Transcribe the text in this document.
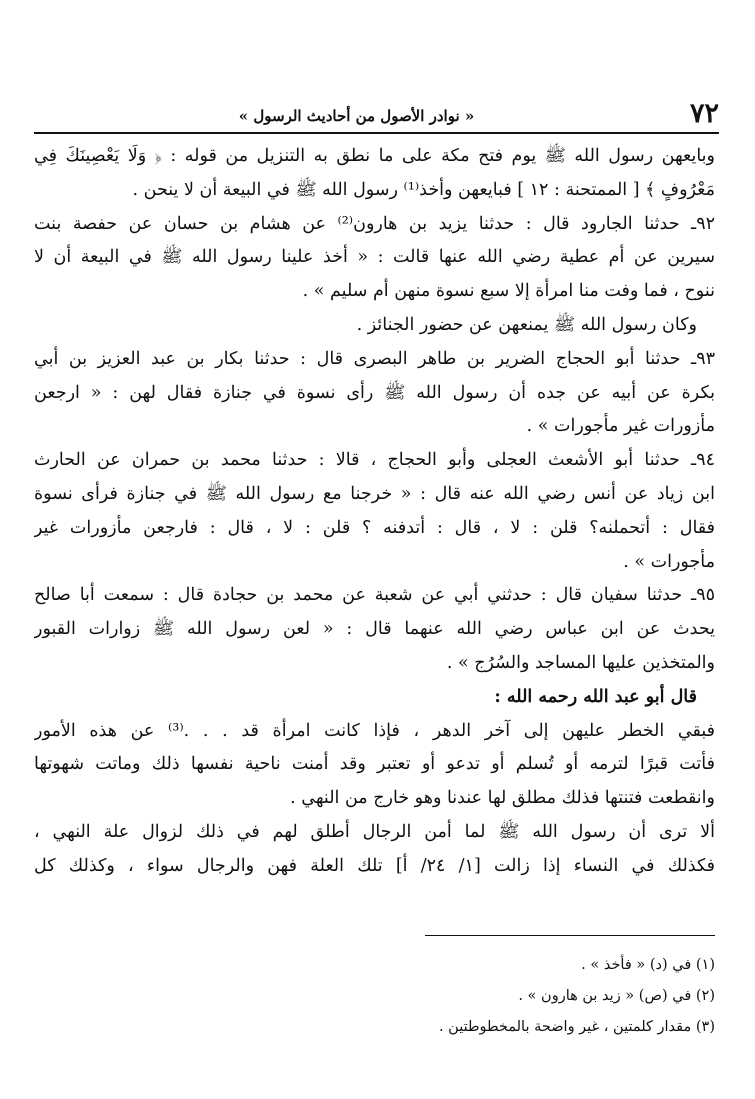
٧٢
« نوادر الأصول من أحاديث الرسول »
وبايعهن رسول الله ﷺ يوم فتح مكة على ما نطق به التنزيل من قوله : ﴿ وَلَا يَعْصِينَكَ فِي
مَعْرُوفٍ ﴾ [ الممتحنة : ١٢ ] فبايعهن وأخذ⁽¹⁾ رسول الله ﷺ في البيعة أن لا ينحن .
٩٢ـ حدثنا الجارود قال : حدثنا يزيد بن هارون⁽²⁾ عن هشام بن حسان عن حفصة بنت
سيرين عن أم عطية رضي الله عنها قالت : « أخذ علينا رسول الله ﷺ في البيعة أن لا
ننوح ، فما وفت منا امرأة إلا سبع نسوة منهن أم سليم » .
وكان رسول الله ﷺ يمنعهن عن حضور الجنائز .
٩٣ـ حدثنا أبو الحجاج الضرير بن طاهر البصرى قال : حدثنا بكار بن عبد العزيز بن أبي
بكرة عن أبيه عن جده أن رسول الله ﷺ رأى نسوة في جنازة فقال لهن : « ارجعن
مأزورات غير مأجورات » .
٩٤ـ حدثنا أبو الأشعث العجلى وأبو الحجاج ، قالا : حدثنا محمد بن حمران عن الحارث
ابن زياد عن أنس رضي الله عنه قال : « خرجنا مع رسول الله ﷺ في جنازة فرأى نسوة
فقال : أتحملنه؟ قلن : لا ، قال : أتدفنه ؟ قلن : لا ، قال : فارجعن مأزورات غير
مأجورات » .
٩٥ـ حدثنا سفيان قال : حدثني أبي عن شعبة عن محمد بن حجادة قال : سمعت أبا صالح
يحدث عن ابن عباس رضي الله عنهما قال : « لعن رسول الله ﷺ زوارات القبور
والمتخذين عليها المساجد والسُرُج » .
قال أبو عبد الله رحمه الله :
فبقي الخطر عليهن إلى آخر الدهر ، فإذا كانت امرأة قد . . .⁽³⁾ عن هذه الأمور
فأتت قبرًا لترمه أو تُسلم أو تدعو أو تعتبر وقد أمنت ناحية نفسها ذلك وماتت شهوتها
وانقطعت فتنتها فذلك مطلق لها عندنا وهو خارج من النهي .
ألا ترى أن رسول الله ﷺ لما أمن الرجال أطلق لهم في ذلك لزوال علة النهي ،
فكذلك في النساء إذا زالت [١/ ٢٤/ أ] تلك العلة فهن والرجال سواء ، وكذلك كل
(١) في (د) « فأخذ » .
(٢) في (ص) « زيد بن هارون » .
(٣) مقدار كلمتين ، غير واضحة بالمخطوطتين .
